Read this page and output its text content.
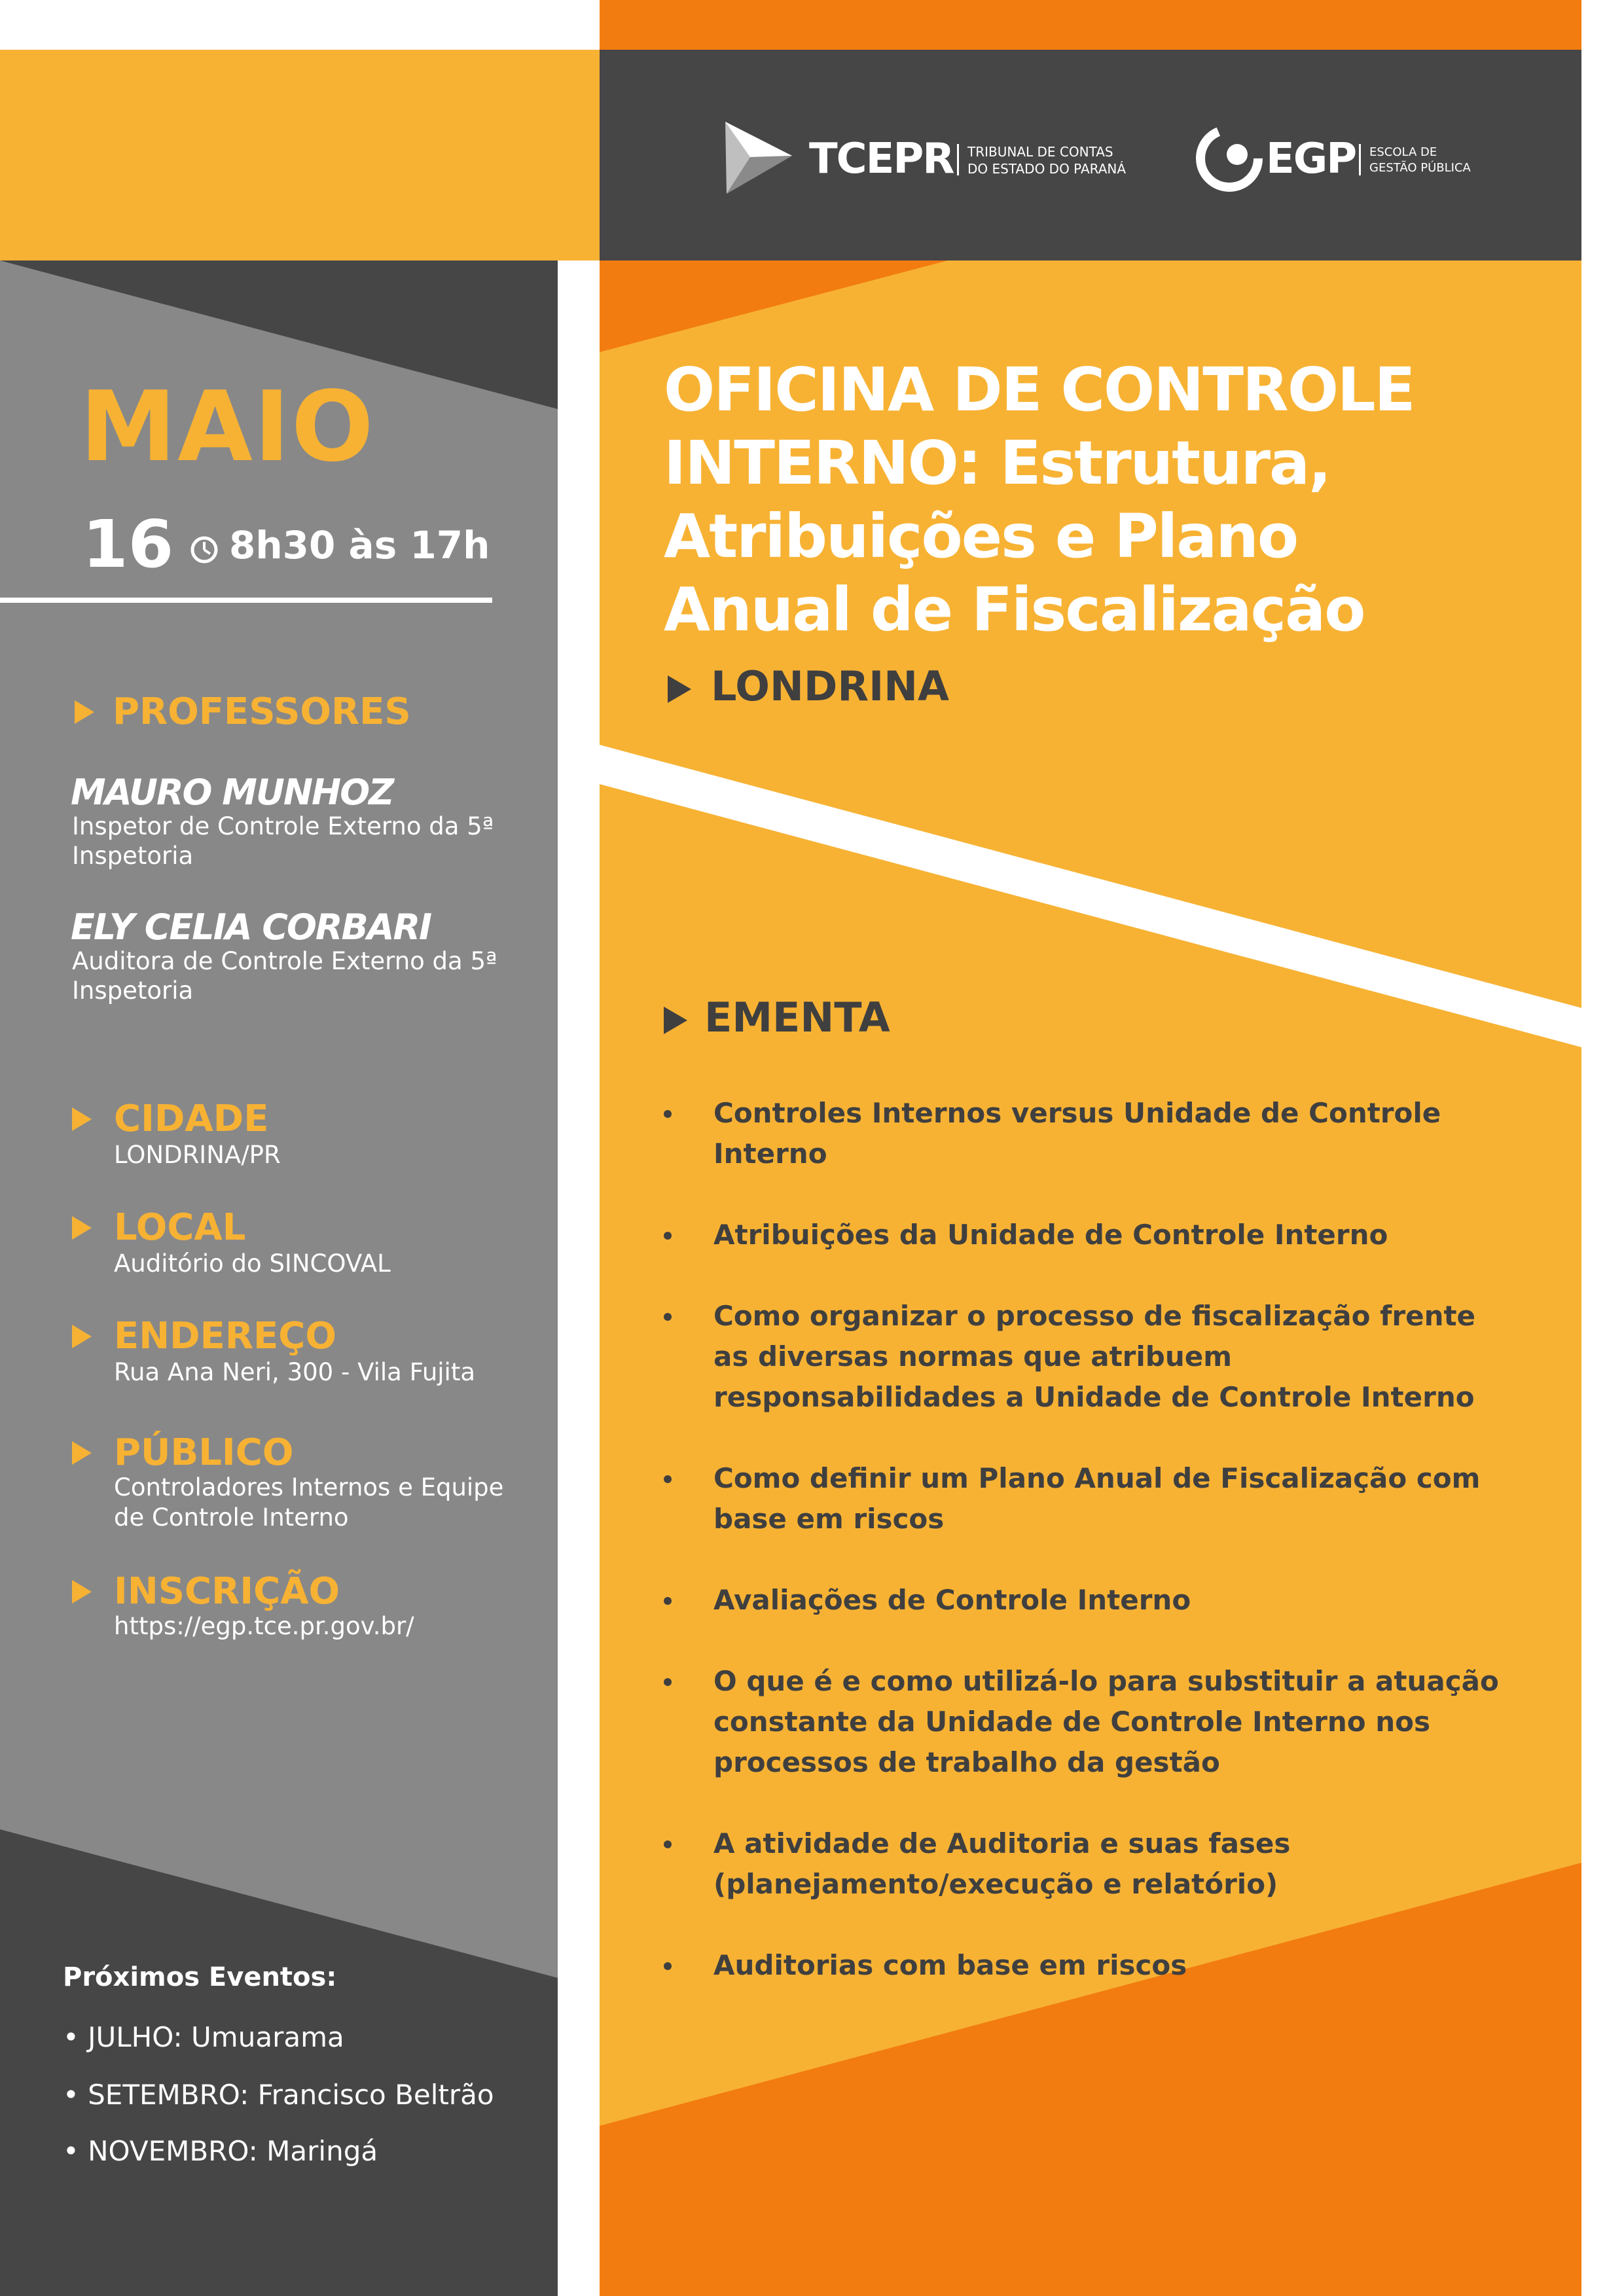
TCEPR TRIBUNAL DE CONTAS
DO ESTADO DO PARANÁ	EGP ESCOLA DE
GESTÃO PÚBLICA
MAIO
16 8h30 às 17h
PROFESSORES
MAURO MUNHOZ
Inspetor de Controle Externo da 5ª Inspetoria
ELY CELIA CORBARI
Auditora de Controle Externo da 5ª Inspetoria
CIDADE
LONDRINA/PR
LOCAL
Auditório do SINCOVAL
ENDEREÇO
Rua Ana Neri, 300 - Vila Fujita
PÚBLICO
Controladores Internos e Equipe de Controle Interno
INSCRIÇÃO
https://egp.tce.pr.gov.br/
Próximos Eventos:
• JULHO: Umuarama
• SETEMBRO: Francisco Beltrão
• NOVEMBRO: Maringá
OFICINA DE CONTROLE INTERNO: Estrutura, Atribuições e Plano Anual de Fiscalização
LONDRINA
EMENTA
Controles Internos versus Unidade de Controle Interno
Atribuições da Unidade de Controle Interno
Como organizar o processo de fiscalização frente as diversas normas que atribuem responsabilidades a Unidade de Controle Interno
Como definir um Plano Anual de Fiscalização com base em riscos
Avaliações de Controle Interno
O que é e como utilizá-lo para substituir a atuação constante da Unidade de Controle Interno nos processos de trabalho da gestão
A atividade de Auditoria e suas fases (planejamento/execução e relatório)
Auditorias com base em riscos
